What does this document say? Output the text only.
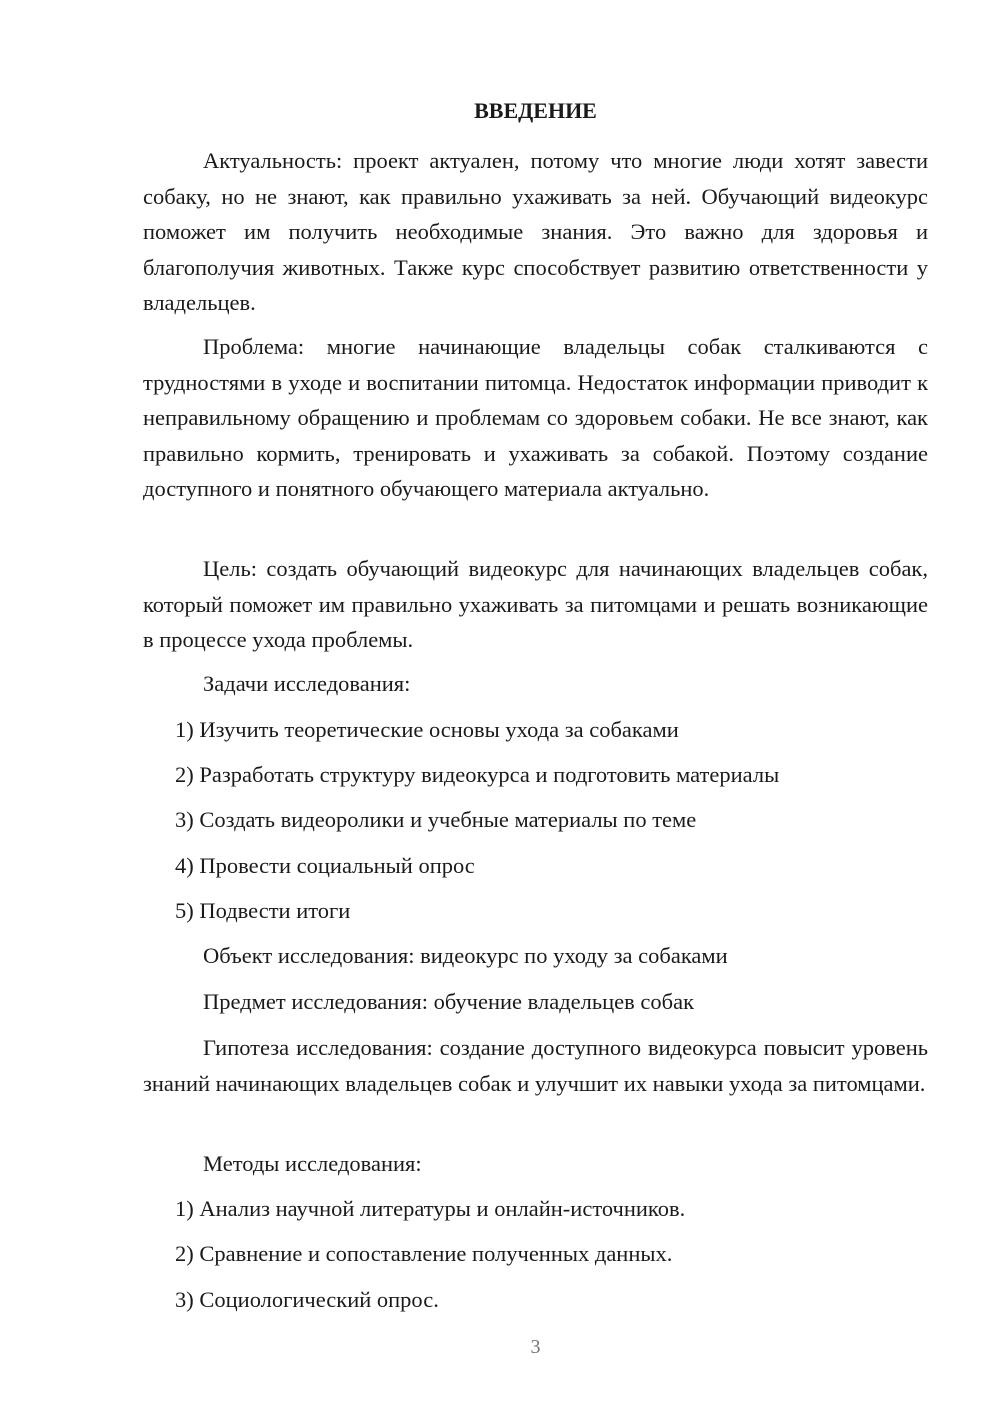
ВВЕДЕНИЕ

Актуальность: проект актуален, потому что многие люди хотят завести собаку, но не знают, как правильно ухаживать за ней. Обучающий видеокурс поможет им получить необходимые знания. Это важно для здоровья и благополучия животных. Также курс способствует развитию ответственности у владельцев.

Проблема: многие начинающие владельцы собак сталкиваются с трудностями в уходе и воспитании питомца. Недостаток информации приводит к неправильному обращению и проблемам со здоровьем собаки. Не все знают, как правильно кормить, тренировать и ухаживать за собакой. Поэтому создание доступного и понятного обучающего материала актуально.

Цель: создать обучающий видеокурс для начинающих владельцев собак, который поможет им правильно ухаживать за питомцами и решать возникающие в процессе ухода проблемы.

Задачи исследования:
1) Изучить теоретические основы ухода за собаками
2) Разработать структуру видеокурса и подготовить материалы
3) Создать видеоролики и учебные материалы по теме
4) Провести социальный опрос
5) Подвести итоги
Объект исследования: видеокурс по уходу за собаками
Предмет исследования: обучение владельцев собак

Гипотеза исследования: создание доступного видеокурса повысит уровень знаний начинающих владельцев собак и улучшит их навыки ухода за питомцами.

Методы исследования:
1) Анализ научной литературы и онлайн-источников.
2) Сравнение и сопоставление полученных данных.
3) Социологический опрос.
3
